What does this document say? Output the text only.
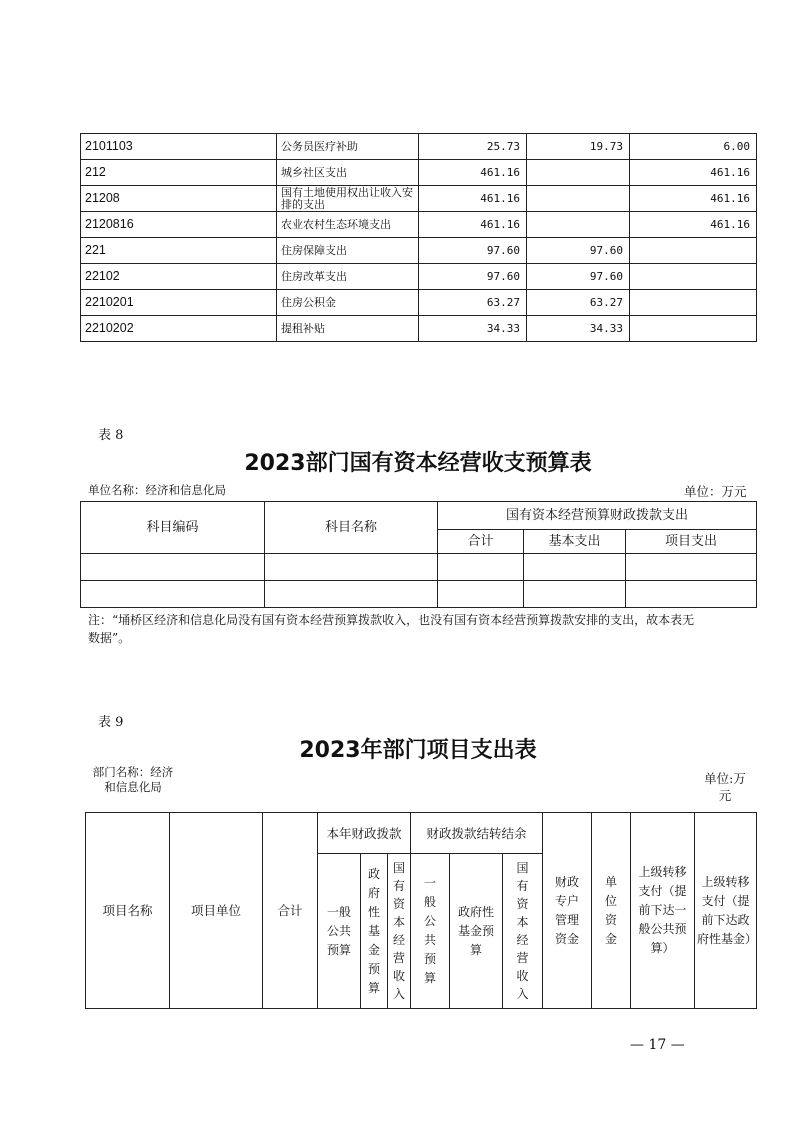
2101103	公务员医疗补助	25.73	19.73	6.00
212	城乡社区支出	461.16		461.16
21208	国有土地使用权出让收入安排的支出	461.16		461.16
2120816	农业农村生态环境支出	461.16		461.16
221	住房保障支出	97.60	97.60	
22102	住房改革支出	97.60	97.60	
2210201	住房公积金	63.27	63.27	
2210202	提租补贴	34.33	34.33	
表 8
2023部门国有资本经营收支预算表
单位名称：经济和信息化局	单位：万元
科目编码	科目名称	国有资本经营预算财政拨款支出		
		合计	基本支出	项目支出

注：“埇桥区经济和信息化局没有国有资本经营预算拨款收入，也没有国有资本经营预算拨款安排的支出，故本表无数据”。
表 9
2023年部门项目支出表
部门名称：经济和信息化局
单位:万元
项目名称	项目单位	合计	本年财政拨款			财政拨款结转结余			财政专户管理资金	单位资金	上级转移支付（提前下达一般公共预算）	上级转移支付（提前下达政府性基金）

			一般公共预算	政府性基金预算	国有资本经营收入	一般公共预算	政府性基金预算	国有资本经营收入				
— 17 —
